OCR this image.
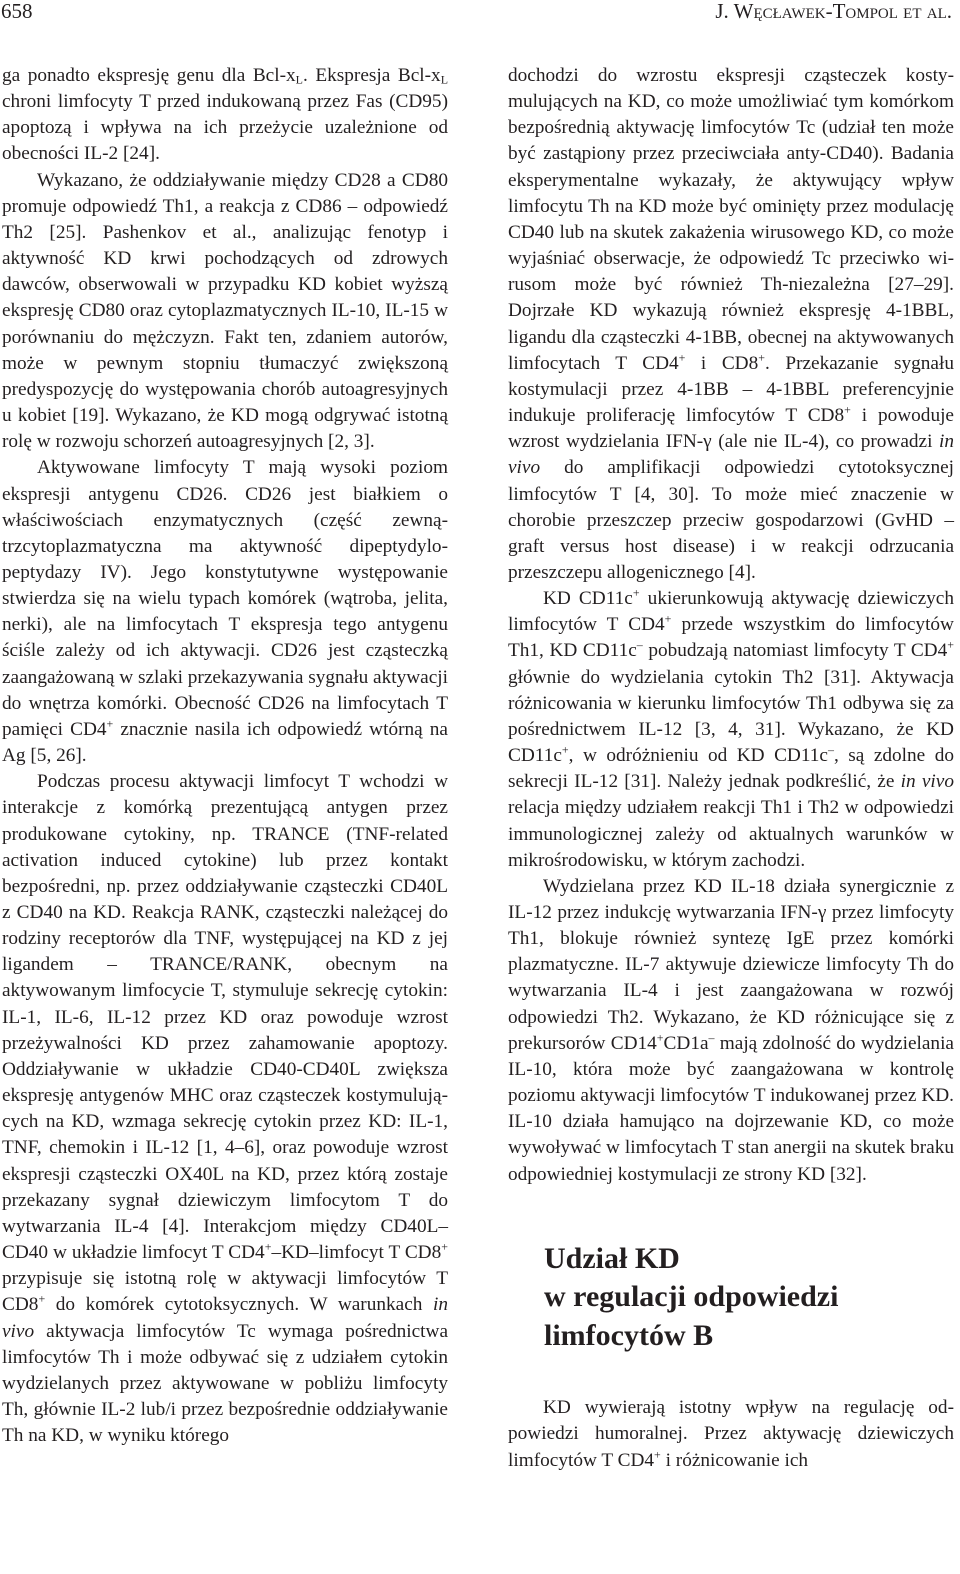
658	J. Węcławek-Tompol et al.

ga ponadto ekspresję genu dla Bcl-$x_L$. Ekspresja Bcl-$x_L$ chroni limfocyty T przed indukowaną przez Fas (CD95) apoptozą i wpływa na ich przeżycie uzależnione od obecności IL-2 [24].

Wykazano, że oddziaływanie między CD28 a CD80 promuje odpowiedź Th1, a reakcja z CD86 – odpowiedź Th2 [25]. Pashenkov et al., analizując fenotyp i aktywność KD krwi pochodzących od zdrowych dawców, obserwowali w przypadku KD kobiet wyższą ekspresję CD80 oraz cytoplazmatycznych IL-10, IL-15 w porównaniu do mężczyzn. Fakt ten, zdaniem autorów, może w pewnym stopniu tłumaczyć zwiększoną predyspozycję do występowania chorób autoagresyjnych u kobiet [19]. Wykazano, że KD mogą odgrywać istotną rolę w rozwoju schorzeń autoagresyjnych [2, 3].

Aktywowane limfocyty T mają wysoki poziom ekspresji antygenu CD26. CD26 jest białkiem o właściwościach enzymatycznych (część zewnątrzcytoplazmatyczna ma aktywność dipeptydylopeptydazy IV). Jego konstytutywne występowanie stwierdza się na wielu typach komórek (wątroba, jelita, nerki), ale na limfocytach T ekspresja tego antygenu ściśle zależy od ich aktywacji. CD26 jest cząsteczką zaangażowaną w szlaki przekazywania sygnału aktywacji do wnętrza komórki. Obecność CD26 na limfocytach T pamięci CD4+ znacznie nasila ich odpowiedź wtórną na Ag [5, 26].

Podczas procesu aktywacji limfocyt T wchodzi w interakcje z komórką prezentującą antygen przez produkowane cytokiny, np. TRANCE (TNF-related activation induced cytokine) lub przez kontakt bezpośredni, np. przez oddziaływanie cząsteczki CD40L z CD40 na KD. Reakcja RANK, cząsteczki należącej do rodziny receptorów dla TNF, występującej na KD z jej ligandem – TRANCE/RANK, obecnym na aktywowanym limfocycie T, stymuluje sekrecję cytokin: IL-1, IL-6, IL-12 przez KD oraz powoduje wzrost przeżywalności KD przez zahamowanie apoptozy. Oddziaływanie w układzie CD40-CD40L zwiększa ekspresję antygenów MHC oraz cząsteczek kostymulujących na KD, wzmaga sekrecję cytokin przez KD: IL-1, TNF, chemokin i IL-12 [1, 4–6], oraz powoduje wzrost ekspresji cząsteczki OX40L na KD, przez którą zostaje przekazany sygnał dziewiczym limfocytom T do wytwarzania IL-4 [4]. Interakcjom między CD40L–CD40 w układzie limfocyt T CD4+–KD–limfocyt T CD8+ przypisuje się istotną rolę w aktywacji limfocytów T CD8+ do komórek cytotoksycznych. W warunkach in vivo aktywacja limfocytów Tc wymaga pośrednictwa limfocytów Th i może odbywać się z udziałem cytokin wydzielanych przez aktywowane w pobliżu limfocyty Th, głównie IL-2 lub/i przez bezpośrednie oddziaływanie Th na KD, w wyniku którego

dochodzi do wzrostu ekspresji cząsteczek kostymulujących na KD, co może umożliwiać tym komórkom bezpośrednią aktywację limfocytów Tc (udział ten może być zastąpiony przez przeciwciała anty-CD40). Badania eksperymentalne wykazały, że aktywujący wpływ limfocytu Th na KD może być ominięty przez modulację CD40 lub na skutek zakażenia wirusowego KD, co może wyjaśniać obserwacje, że odpowiedź Tc przeciwko wirusom może być również Th-niezależna [27–29]. Dojrzałe KD wykazują również ekspresję 4-1BBL, ligandu dla cząsteczki 4-1BB, obecnej na aktywowanych limfocytach T CD4+ i CD8+. Przekazanie sygnału kostymulacji przez 4-1BB – 4-1BBL preferencyjnie indukuje proliferację limfocytów T CD8+ i powoduje wzrost wydzielania IFN-γ (ale nie IL-4), co prowadzi in vivo do amplifikacji odpowiedzi cytotoksycznej limfocytów T [4, 30]. To może mieć znaczenie w chorobie przeszczep przeciw gospodarzowi (GvHD – graft versus host disease) i w reakcji odrzucania przeszczepu allogenicznego [4].

KD CD11c+ ukierunkowują aktywację dziewiczych limfocytów T CD4+ przede wszystkim do limfocytów Th1, KD CD11c– pobudzają natomiast limfocyty T CD4+ głównie do wydzielania cytokin Th2 [31]. Aktywacja różnicowania w kierunku limfocytów Th1 odbywa się za pośrednictwem IL-12 [3, 4, 31]. Wykazano, że KD CD11c+, w odróżnieniu od KD CD11c–, są zdolne do sekrecji IL-12 [31]. Należy jednak podkreślić, że in vivo relacja między udziałem reakcji Th1 i Th2 w odpowiedzi immunologicznej zależy od aktualnych warunków w mikrośrodowisku, w którym zachodzi.

Wydzielana przez KD IL-18 działa synergicznie z IL-12 przez indukcję wytwarzania IFN-γ przez limfocyty Th1, blokuje również syntezę IgE przez komórki plazmatyczne. IL-7 aktywuje dziewicze limfocyty Th do wytwarzania IL-4 i jest zaangażowana w rozwój odpowiedzi Th2. Wykazano, że KD różnicujące się z prekursorów CD14+CD1a– mają zdolność do wydzielania IL-10, która może być zaangażowana w kontrolę poziomu aktywacji limfocytów T indukowanej przez KD. IL-10 działa hamująco na dojrzewanie KD, co może wywoływać w limfocytach T stan anergii na skutek braku odpowiedniej kostymulacji ze strony KD [32].

Udział KD
w regulacji odpowiedzi
limfocytów B

KD wywierają istotny wpływ na regulację odpowiedzi humoralnej. Przez aktywację dziewiczych limfocytów T CD4+ i różnicowanie ich
